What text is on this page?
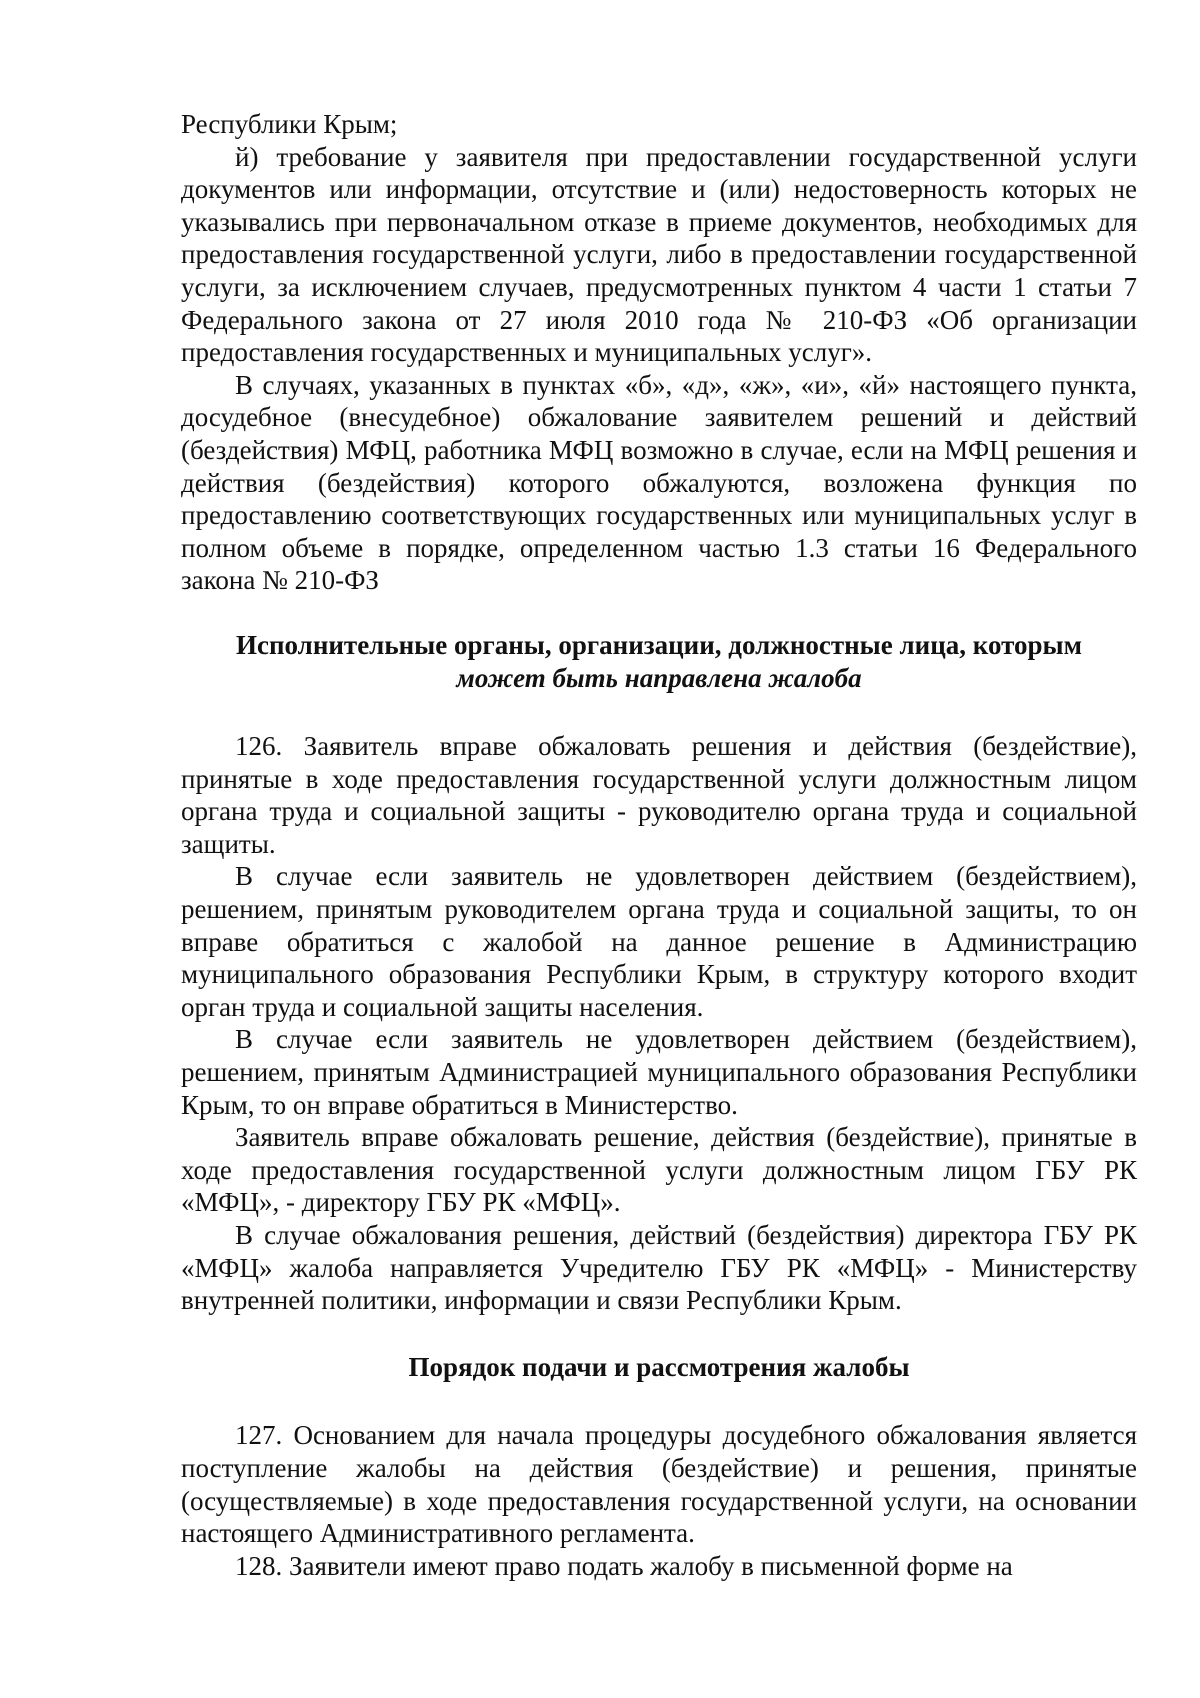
Республики Крым;

й) требование у заявителя при предоставлении государственной услуги документов или информации, отсутствие и (или) недостоверность которых не указывались при первоначальном отказе в приеме документов, необходимых для предоставления государственной услуги, либо в предоставлении государственной услуги, за исключением случаев, предусмотренных пунктом 4 части 1 статьи 7 Федерального закона от 27 июля 2010 года № 210-ФЗ «Об организации предоставления государственных и муниципальных услуг».

В случаях, указанных в пунктах «б», «д», «ж», «и», «й» настоящего пункта, досудебное (внесудебное) обжалование заявителем решений и действий (бездействия) МФЦ, работника МФЦ возможно в случае, если на МФЦ решения и действия (бездействия) которого обжалуются, возложена функция по предоставлению соответствующих государственных или муниципальных услуг в полном объеме в порядке, определенном частью 1.3 статьи 16 Федерального закона № 210-ФЗ

Исполнительные органы, организации, должностные лица, которым
может быть направлена жалоба

126. Заявитель вправе обжаловать решения и действия (бездействие), принятые в ходе предоставления государственной услуги должностным лицом органа труда и социальной защиты - руководителю органа труда и социальной защиты.

В случае если заявитель не удовлетворен действием (бездействием), решением, принятым руководителем органа труда и социальной защиты, то он вправе обратиться с жалобой на данное решение в Администрацию муниципального образования Республики Крым, в структуру которого входит орган труда и социальной защиты населения.

В случае если заявитель не удовлетворен действием (бездействием), решением, принятым Администрацией муниципального образования Республики Крым, то он вправе обратиться в Министерство.

Заявитель вправе обжаловать решение, действия (бездействие), принятые в ходе предоставления государственной услуги должностным лицом ГБУ РК «МФЦ», - директору ГБУ РК «МФЦ».

В случае обжалования решения, действий (бездействия) директора ГБУ РК «МФЦ» жалоба направляется Учредителю ГБУ РК «МФЦ» - Министерству внутренней политики, информации и связи Республики Крым.

Порядок подачи и рассмотрения жалобы

127. Основанием для начала процедуры досудебного обжалования является поступление жалобы на действия (бездействие) и решения, принятые (осуществляемые) в ходе предоставления государственной услуги, на основании настоящего Административного регламента.

128. Заявители имеют право подать жалобу в письменной форме на
